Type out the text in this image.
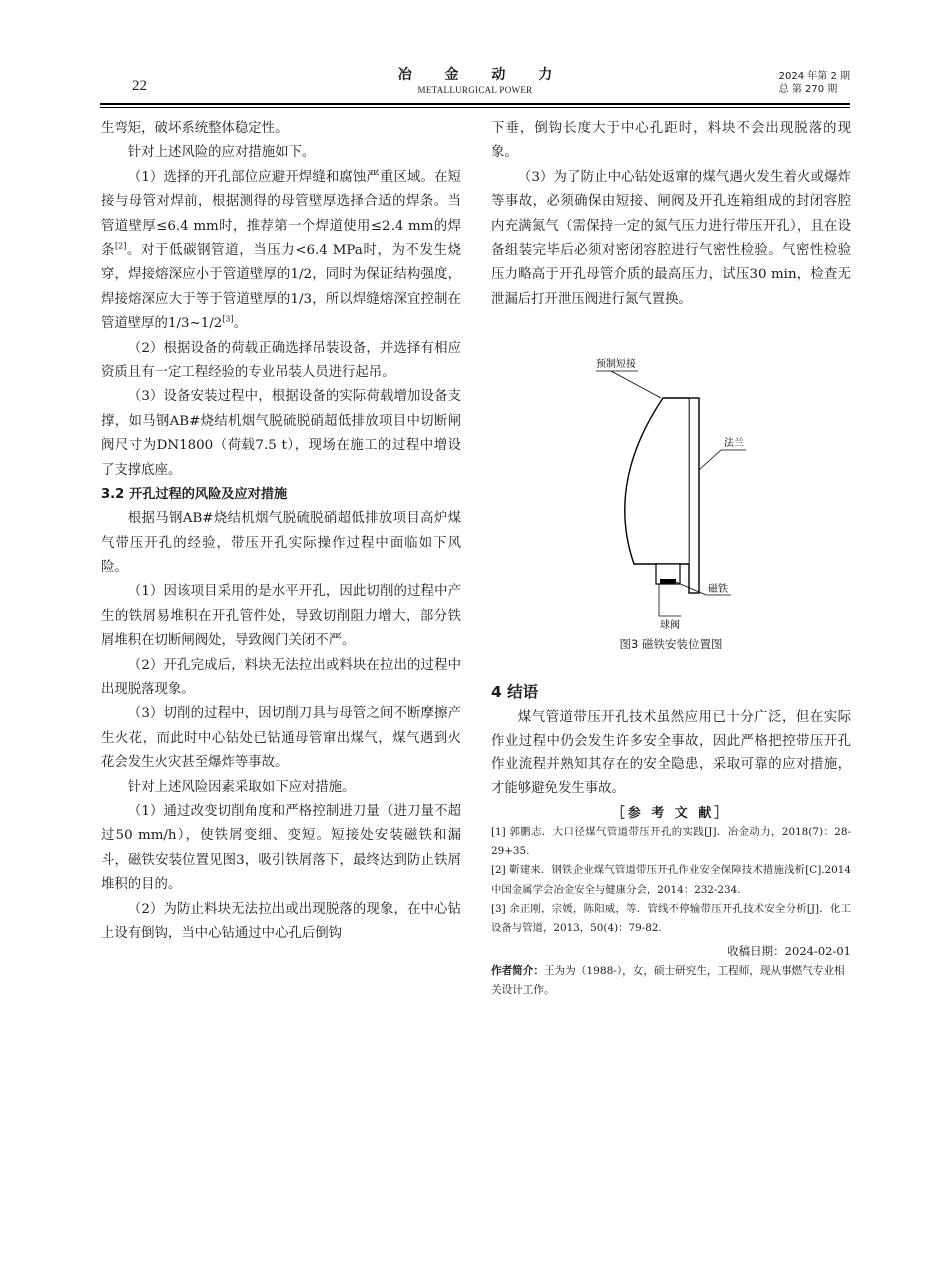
22
冶 金 动 力
METALLURGICAL POWER
2024 年第 2 期
总 第 270 期

生弯矩，破坏系统整体稳定性。

针对上述风险的应对措施如下。

（1）选择的开孔部位应避开焊缝和腐蚀严重区域。在短接与母管对焊前，根据测得的母管壁厚选择合适的焊条。当管道壁厚≤6.4 mm时，推荐第一个焊道使用≤2.4 mm的焊条[2]。对于低碳钢管道，当压力<6.4 MPa时，为不发生烧穿，焊接熔深应小于管道壁厚的1/2，同时为保证结构强度，焊接熔深应大于等于管道壁厚的1/3，所以焊缝熔深宜控制在管道壁厚的1/3~1/2[3]。

（2）根据设备的荷载正确选择吊装设备，并选择有相应资质且有一定工程经验的专业吊装人员进行起吊。

（3）设备安装过程中，根据设备的实际荷载增加设备支撑，如马钢AB#烧结机烟气脱硫脱硝超低排放项目中切断闸阀尺寸为DN1800（荷载7.5 t），现场在施工的过程中增设了支撑底座。

3.2 开孔过程的风险及应对措施

根据马钢AB#烧结机烟气脱硫脱硝超低排放项目高炉煤气带压开孔的经验，带压开孔实际操作过程中面临如下风险。

（1）因该项目采用的是水平开孔，因此切削的过程中产生的铁屑易堆积在开孔管件处，导致切削阻力增大，部分铁屑堆积在切断闸阀处，导致阀门关闭不严。

（2）开孔完成后，料块无法拉出或料块在拉出的过程中出现脱落现象。

（3）切削的过程中，因切削刀具与母管之间不断摩擦产生火花，而此时中心钻处已钻通母管窜出煤气，煤气遇到火花会发生火灾甚至爆炸等事故。

针对上述风险因素采取如下应对措施。

（1）通过改变切削角度和严格控制进刀量（进刀量不超过50 mm/h），使铁屑变细、变短。短接处安装磁铁和漏斗，磁铁安装位置见图3，吸引铁屑落下，最终达到防止铁屑堆积的目的。

（2）为防止料块无法拉出或出现脱落的现象，在中心钻上设有倒钩，当中心钻通过中心孔后倒钩

下垂，倒钩长度大于中心孔距时，料块不会出现脱落的现象。

（3）为了防止中心钻处返窜的煤气遇火发生着火或爆炸等事故，必须确保由短接、闸阀及开孔连箱组成的封闭容腔内充满氮气（需保持一定的氮气压力进行带压开孔），且在设备组装完毕后必须对密闭容腔进行气密性检验。气密性检验压力略高于开孔母管介质的最高压力，试压30 min，检查无泄漏后打开泄压阀进行氮气置换。

预制短接
法兰
磁铁
球阀
图3 磁铁安装位置图

4 结语

煤气管道带压开孔技术虽然应用已十分广泛，但在实际作业过程中仍会发生许多安全事故，因此严格把控带压开孔作业流程并熟知其存在的安全隐患，采取可靠的应对措施，才能够避免发生事故。

［参 考 文 献］

[1] 郭鹏志．大口径煤气管道带压开孔的实践[J]．冶金动力，2018(7)：28-29+35.

[2] 靳建来．钢铁企业煤气管道带压开孔作业安全保障技术措施浅析[C].2014中国金属学会冶金安全与健康分会，2014：232-234.

[3] 余正刚，宗媛，陈阳威，等．管线不停输带压开孔技术安全分析[J]．化工设备与管道，2013，50(4)：79-82.

收稿日期：2024-02-01

作者简介：王为为（1988-），女，硕士研究生，工程师，现从事燃气专业相关设计工作。
